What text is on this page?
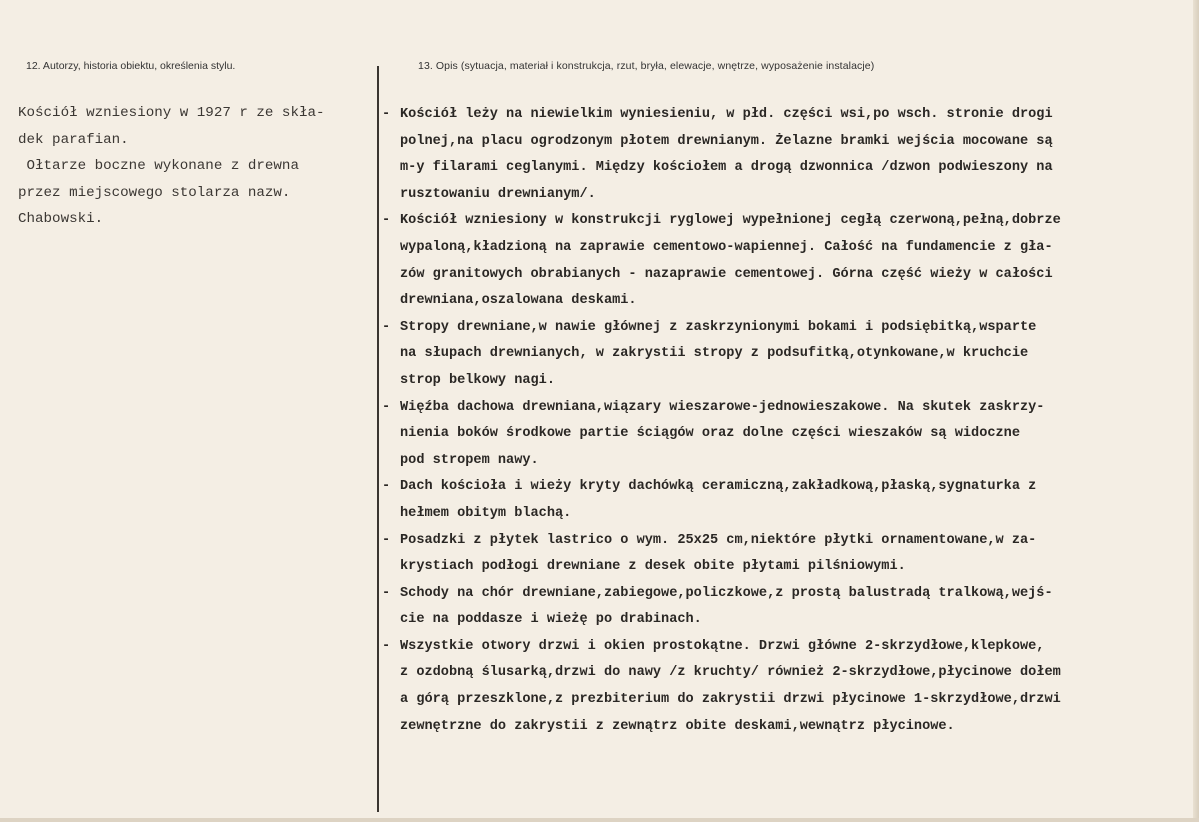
12. Autorzy, historia obiektu, określenia stylu.	13. Opis (sytuacja, materiał i konstrukcja, rzut, bryła, elewacje, wnętrze, wyposażenie instalacje)
Kościół wzniesiony w 1927 r ze skła-
dek parafian.
Ołtarze boczne wykonane z drewna
przez miejscowego stolarza nazw.
Chabowski.
- Kościół leży na niewielkim wyniesieniu, w płd. części wsi,po wsch. stronie drogi
polnej,na placu ogrodzonym płotem drewnianym. Żelazne bramki wejścia mocowane są
m-y filarami ceglanymi. Między kościołem a drogą dzwonnica /dzwon podwieszony na
rusztowaniu drewnianym/.
- Kościół wzniesiony w konstrukcji ryglowej wypełnionej cegłą czerwoną,pełną,dobrze
wypaloną,kładzioną na zaprawie cementowo-wapiennej. Całość na fundamencie z gła-
zów granitowych obrabianych - nazaprawie cementowej. Górna część wieży w całości
drewniana,oszalowana deskami.
- Stropy drewniane,w nawie głównej z zaskrzynionymi bokami i podsiębitką,wsparte
na słupach drewnianych, w zakrystii stropy z podsufitką,otynkowane,w kruchcie
strop belkowy nagi.
- Więźba dachowa drewniana,wiązary wieszarowe-jednowieszakowe. Na skutek zaskrzy-
nienia boków środkowe partie ściągów oraz dolne części wieszaków są widoczne
pod stropem nawy.
- Dach kościoła i wieży kryty dachówką ceramiczną,zakładkową,płaską,sygnaturka z
hełmem obitym blachą.
- Posadzki z płytek lastrico o wym. 25x25 cm,niektóre płytki ornamentowane,w za-
krystiach podłogi drewniane z desek obite płytami pilśniowymi.
- Schody na chór drewniane,zabiegowe,policzkowe,z prostą balustradą tralkową,wejś-
cie na poddasze i wieżę po drabinach.
- Wszystkie otwory drzwi i okien prostokątne. Drzwi główne 2-skrzydłowe,klepkowe,
z ozdobną ślusarką,drzwi do nawy /z kruchty/ również 2-skrzydłowe,płycinowe dołem
a górą przeszklone,z prezbiterium do zakrystii drzwi płycinowe 1-skrzydłowe,drzwi
zewnętrzne do zakrystii z zewnątrz obite deskami,wewnątrz płycinowe.
